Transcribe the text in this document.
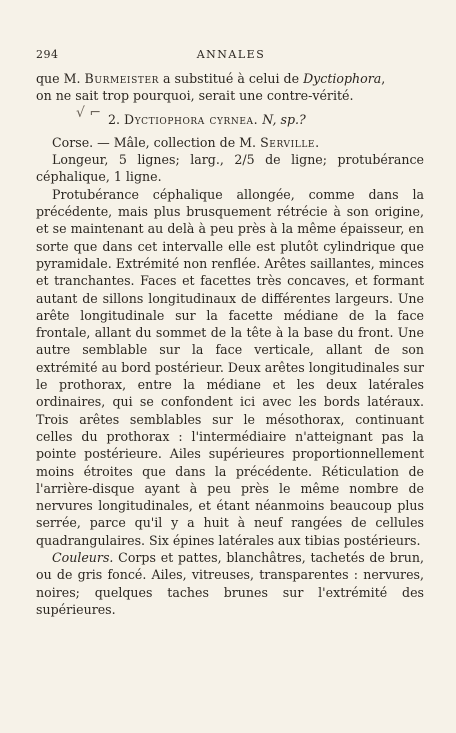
294	ANNALES

que M. Burmeister a substitué à celui de Dyctiophora,

on ne sait trop pourquoi, serait une contre-vérité.

√ ⌐ 2. Dyctiophora cyrnea. N, sp.?

Corse. — Mâle, collection de M. Serville.

Longeur, 5 lignes; larg., 2/5 de ligne; protubérance céphalique, 1 ligne.

Protubérance céphalique allongée, comme dans la précédente, mais plus brusquement rétrécie à son origine, et se maintenant au delà à peu près à la même épaisseur, en sorte que dans cet intervalle elle est plutôt cylindrique que pyramidale. Extrémité non renflée. Arêtes saillantes, minces et tranchantes. Faces et facettes très concaves, et formant autant de sillons longitudinaux de différentes largeurs. Une arête longitudinale sur la facette médiane de la face frontale, allant du sommet de la tête à la base du front. Une autre semblable sur la face verticale, allant de son extrémité au bord postérieur. Deux arêtes longitudinales sur le prothorax, entre la médiane et les deux latérales ordinaires, qui se confondent ici avec les bords latéraux. Trois arêtes semblables sur le mésothorax, continuant celles du prothorax : l'intermédiaire n'atteignant pas la pointe postérieure. Ailes supérieures proportionnellement moins étroites que dans la précédente. Réticulation de l'arrière-disque ayant à peu près le même nombre de nervures longitudinales, et étant néanmoins beaucoup plus serrée, parce qu'il y a huit à neuf rangées de cellules quadrangulaires. Six épines latérales aux tibias postérieurs.

Couleurs. Corps et pattes, blanchâtres, tachetés de brun, ou de gris foncé. Ailes, vitreuses, transparentes : nervures, noires; quelques taches brunes sur l'extrémité des supérieures.
